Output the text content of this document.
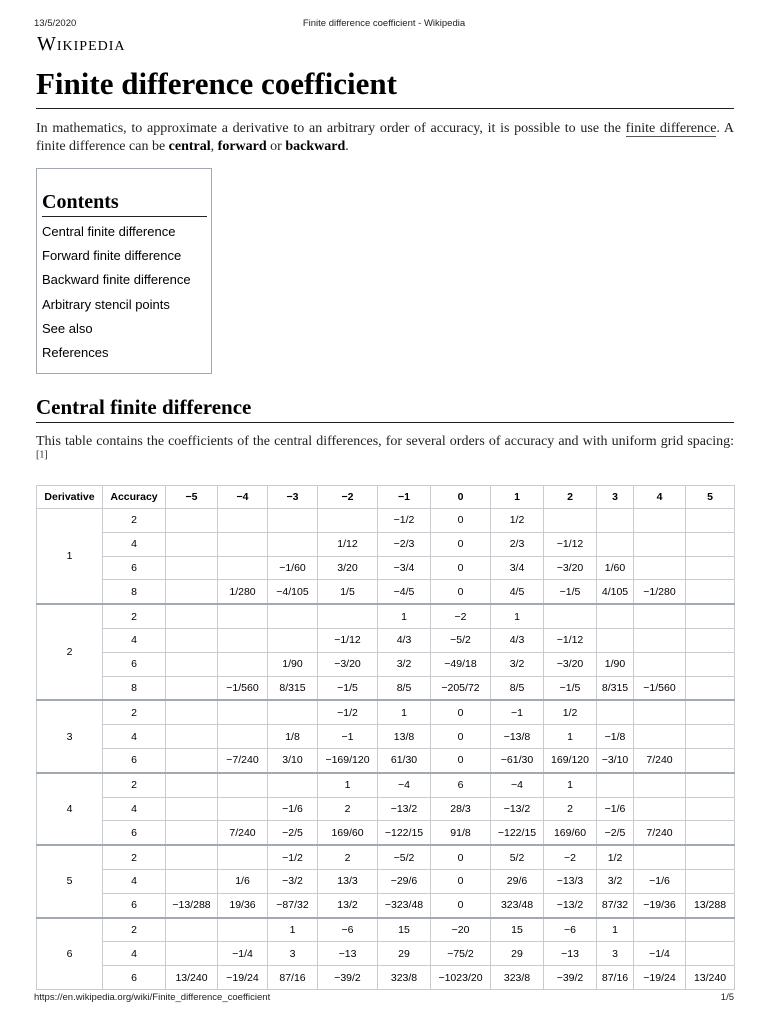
13/5/2020	Finite difference coefficient - Wikipedia
Wikipedia
Finite difference coefficient

In mathematics, to approximate a derivative to an arbitrary order of accuracy, it is possible to use the finite difference. A finite difference can be central, forward or backward.

Contents
Central finite difference
Forward finite difference
Backward finite difference
Arbitrary stencil points
See also
References
Central finite difference

This table contains the coefficients of the central differences, for several orders of accuracy and with uniform grid spacing:[1]

Derivative	Accuracy	−5	−4	−3	−2	−1	0	1	2	3	4	5
1	2					−1/2	0	1/2				
	4				1/12	−2/3	0	2/3	−1/12			
	6			−1/60	3/20	−3/4	0	3/4	−3/20	1/60		
	8		1/280	−4/105	1/5	−4/5	0	4/5	−1/5	4/105	−1/280	
2	2					1	−2	1				
	4				−1/12	4/3	−5/2	4/3	−1/12			
	6			1/90	−3/20	3/2	−49/18	3/2	−3/20	1/90		
	8		−1/560	8/315	−1/5	8/5	−205/72	8/5	−1/5	8/315	−1/560	
3	2				−1/2	1	0	−1	1/2			
	4			1/8	−1	13/8	0	−13/8	1	−1/8		
	6		−7/240	3/10	−169/120	61/30	0	−61/30	169/120	−3/10	7/240	
4	2				1	−4	6	−4	1			
	4			−1/6	2	−13/2	28/3	−13/2	2	−1/6		
	6		7/240	−2/5	169/60	−122/15	91/8	−122/15	169/60	−2/5	7/240	
5	2			−1/2	2	−5/2	0	5/2	−2	1/2		
	4		1/6	−3/2	13/3	−29/6	0	29/6	−13/3	3/2	−1/6	
	6	−13/288	19/36	−87/32	13/2	−323/48	0	323/48	−13/2	87/32	−19/36	13/288
6	2			1	−6	15	−20	15	−6	1		
	4		−1/4	3	−13	29	−75/2	29	−13	3	−1/4	
	6	13/240	−19/24	87/16	−39/2	323/8	−1023/20	323/8	−39/2	87/16	−19/24	13/240
https://en.wikipedia.org/wiki/Finite_difference_coefficient	1/5
